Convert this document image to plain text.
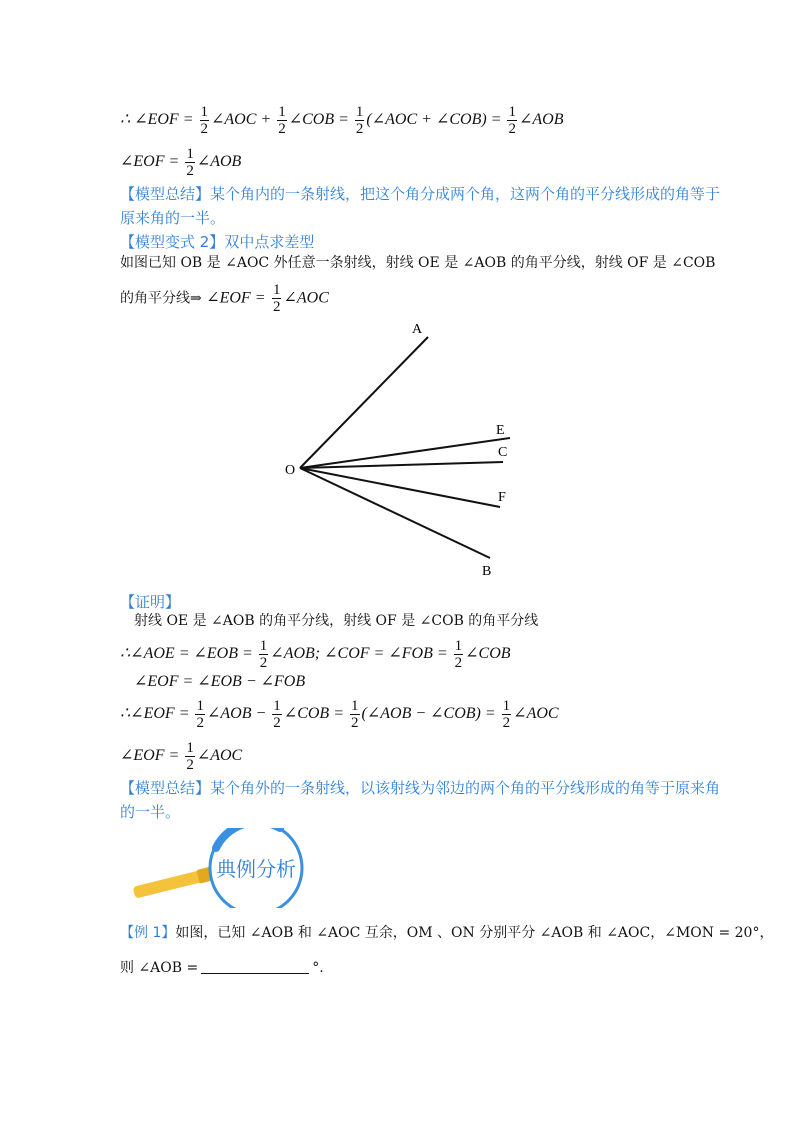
∴ ∠EOF = $\frac{1}{2}$ ∠AOC + $\frac{1}{2}$ ∠COB = $\frac{1}{2}$ (∠AOC + ∠COB) = $\frac{1}{2}$ ∠AOB
∠EOF = $\frac{1}{2}$ ∠AOB
【模型总结】某个角内的一条射线，把这个角分成两个角，这两个角的平分线形成的角等于
原来角的一半。
【模型变式 2】双中点求差型
如图已知 OB 是 ∠AOC 外任意一条射线，射线 OE 是 ∠AOB 的角平分线，射线 OF 是 ∠COB
的角平分线⇒ ∠EOF = $\frac{1}{2}$ ∠AOC
A
E
C
O
F
B
【证明】
射线 OE 是 ∠AOB 的角平分线，射线 OF 是 ∠COB 的角平分线
∴∠AOE = ∠EOB = $\frac{1}{2}$ ∠AOB; ∠COF = ∠FOB = $\frac{1}{2}$ ∠COB
∠EOF = ∠EOB − ∠FOB
∴∠EOF = $\frac{1}{2}$ ∠AOB − $\frac{1}{2}$ ∠COB = $\frac{1}{2}$ (∠AOB − ∠COB) = $\frac{1}{2}$ ∠AOC
∠EOF = $\frac{1}{2}$ ∠AOC
【模型总结】某个角外的一条射线，以该射线为邻边的两个角的平分线形成的角等于原来角
的一半。
典例分析
【例 1】如图，已知 ∠AOB 和 ∠AOC 互余，OM 、ON 分别平分 ∠AOB 和 ∠AOC，∠MON = 20°，
则 ∠AOB =	°.
